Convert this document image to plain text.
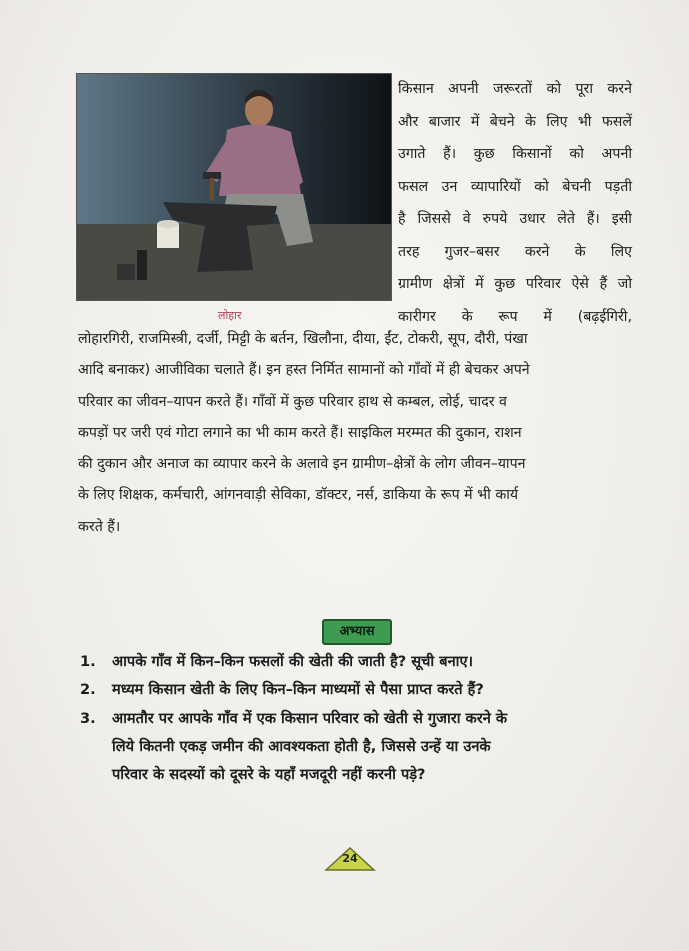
लोहार
किसान अपनी जरूरतों को पूरा करने
और बाजार में बेचने के लिए भी फसलें
उगाते हैं। कुछ किसानों को अपनी
फसल उन व्यापारियों को बेचनी पड़ती
है जिससे वे रुपये उधार लेते हैं। इसी
तरह गुजर–बसर करने के लिए
ग्रामीण क्षेत्रों में कुछ परिवार ऐसे हैं जो
कारीगर के रूप में (बढ़ईगिरी,
लोहारगिरी, राजमिस्त्री, दर्जी, मिट्टी के बर्तन, खिलौना, दीया, ईंट, टोकरी, सूप, दौरी, पंखा
आदि बनाकर) आजीविका चलाते हैं। इन हस्त निर्मित सामानों को गाँवों में ही बेचकर अपने
परिवार का जीवन–यापन करते हैं। गाँवों में कुछ परिवार हाथ से कम्बल, लोई, चादर व
कपड़ों पर जरी एवं गोटा लगाने का भी काम करते हैं। साइकिल मरम्मत की दुकान, राशन
की दुकान और अनाज का व्यापार करने के अलावे इन ग्रामीण–क्षेत्रों के लोग जीवन–यापन
के लिए शिक्षक, कर्मचारी, आंगनवाड़ी सेविका, डॉक्टर, नर्स, डाकिया के रूप में भी कार्य
करते हैं।
अभ्यास
1.	आपके गाँव में किन–किन फसलों की खेती की जाती है? सूची बनाए।
2.	मध्यम किसान खेती के लिए किन–किन माध्यमों से पैसा प्राप्त करते हैं?
3.	आमतौर पर आपके गाँव में एक किसान परिवार को खेती से गुजारा करने के
लिये कितनी एकड़ जमीन की आवश्यकता होती है, जिससे उन्हें या उनके
परिवार के सदस्यों को दूसरे के यहाँ मजदूरी नहीं करनी पड़े?
24
